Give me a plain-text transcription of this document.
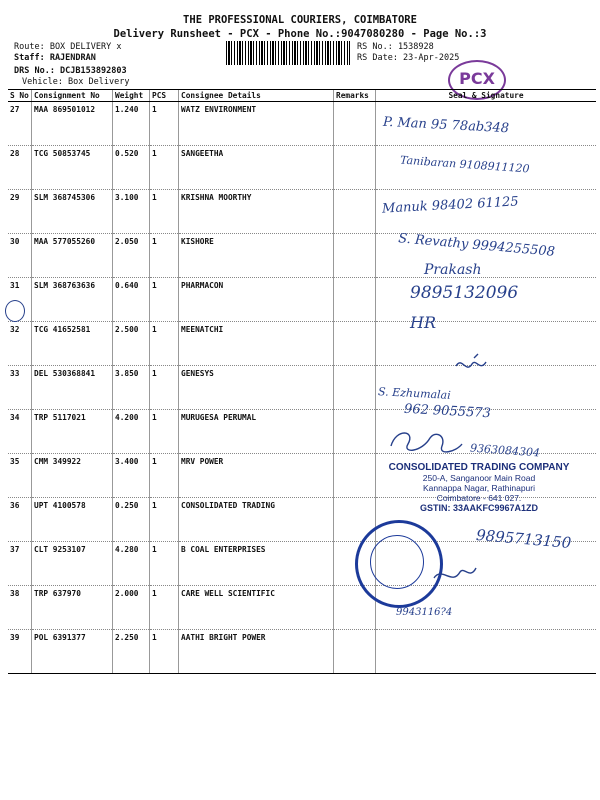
THE PROFESSIONAL COURIERS, COIMBATORE
Delivery Runsheet - PCX - Phone No.:9047080280 - Page No.:3
Route: BOX DELIVERY x
Staff: RAJENDRAN
DRS No.: DCJB153892803
Vehicle: Box Delivery
RS No.: 1538928
RS Date: 23-Apr-2025
PCX
S No	Consignment No	Weight	PCS	Consignee Details	Remarks	Seal & Signature
27	MAA 869501012	1.240	1	WATZ ENVIRONMENT		
28	TCG 50853745	0.520	1	SANGEETHA		
29	SLM 368745306	3.100	1	KRISHNA MOORTHY		
30	MAA 577055260	2.050	1	KISHORE		
31	SLM 368763636	0.640	1	PHARMACON		
32	TCG 41652581	2.500	1	MEENATCHI		
33	DEL 530368841	3.850	1	GENESYS		
34	TRP 5117021	4.200	1	MURUGESA PERUMAL		
35	CMM 349922	3.400	1	MRV POWER		
36	UPT 4100578	0.250	1	CONSOLIDATED TRADING		
37	CLT 9253107	4.280	1	B COAL ENTERPRISES		
38	TRP 637970	2.000	1	CARE WELL SCIENTIFIC		
39	POL 6391377	2.250	1	AATHI BRIGHT POWER		
P. Man 95 78ab348
Tanibaran 9108911120
Manuk 98402 61125
S. Revathy 9994255508
Prakash
9895132096
HR
S. Ezhumalai
962 9055573
9363084304
CONSOLIDATED TRADING COMPANY
250-A, Sanganoor Main Road
Kannappa Nagar, Rathinapuri
Coimbatore - 641 027.
GSTIN: 33AAKFC9967A1ZD
9895713150
9943116?4
